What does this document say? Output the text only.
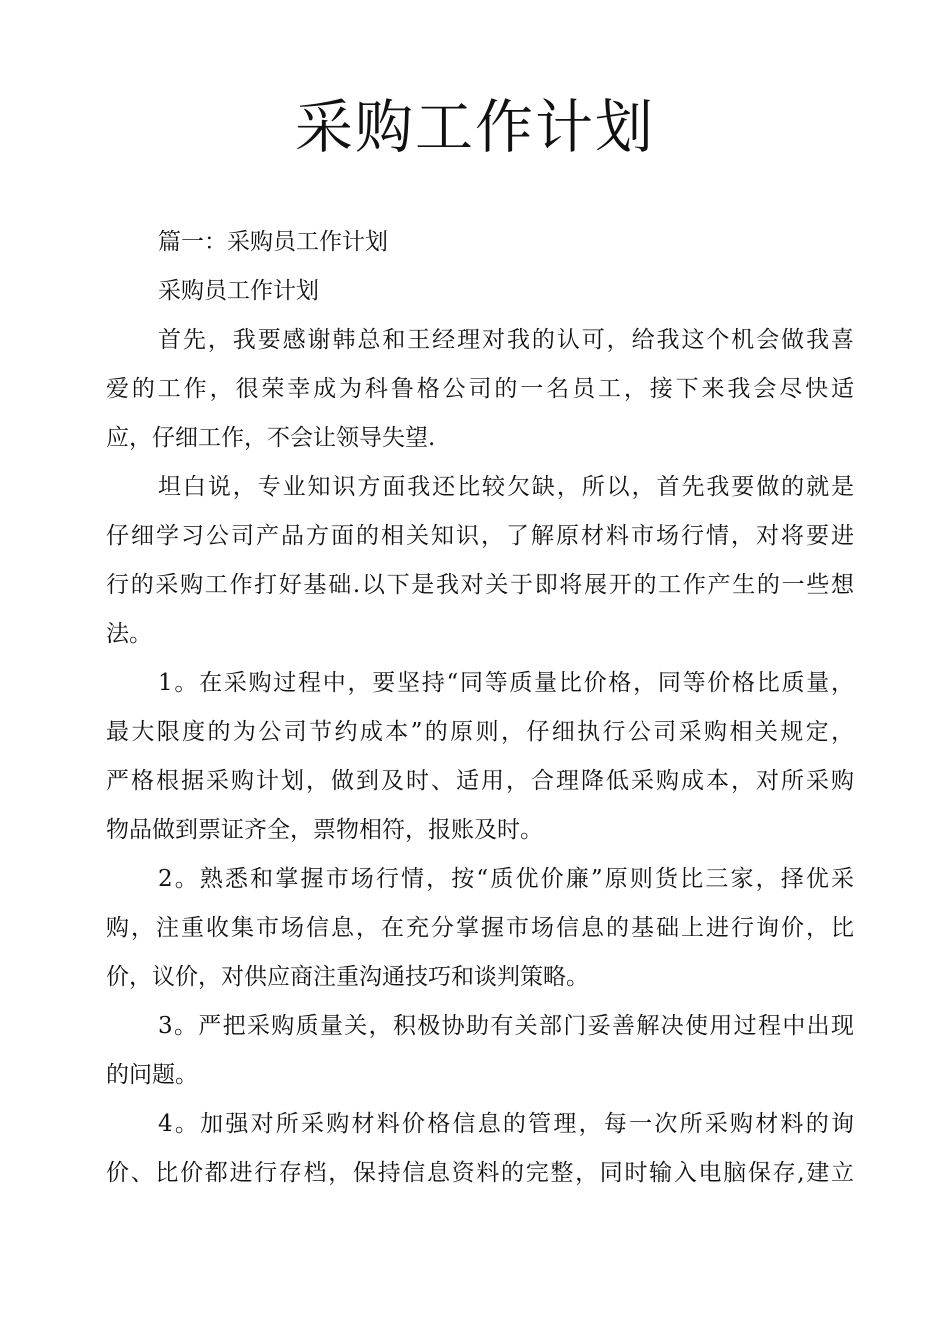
采购工作计划

篇一：采购员工作计划

采购员工作计划

首先，我要感谢韩总和王经理对我的认可，给我这个机会做我喜

爱的工作，很荣幸成为科鲁格公司的一名员工，接下来我会尽快适

应，仔细工作，不会让领导失望.

坦白说，专业知识方面我还比较欠缺，所以，首先我要做的就是

仔细学习公司产品方面的相关知识，了解原材料市场行情，对将要进

行的采购工作打好基础.以下是我对关于即将展开的工作产生的一些想

法。

1。在采购过程中，要坚持“同等质量比价格，同等价格比质量，

最大限度的为公司节约成本”的原则，仔细执行公司采购相关规定，

严格根据采购计划，做到及时、适用，合理降低采购成本，对所采购

物品做到票证齐全，票物相符，报账及时。

2。熟悉和掌握市场行情，按“质优价廉”原则货比三家，择优采

购，注重收集市场信息，在充分掌握市场信息的基础上进行询价，比

价，议价，对供应商注重沟通技巧和谈判策略。

3。严把采购质量关，积极协助有关部门妥善解决使用过程中出现

的问题。

4。加强对所采购材料价格信息的管理，每一次所采购材料的询

价、比价都进行存档，保持信息资料的完整，同时输入电脑保存,建立
